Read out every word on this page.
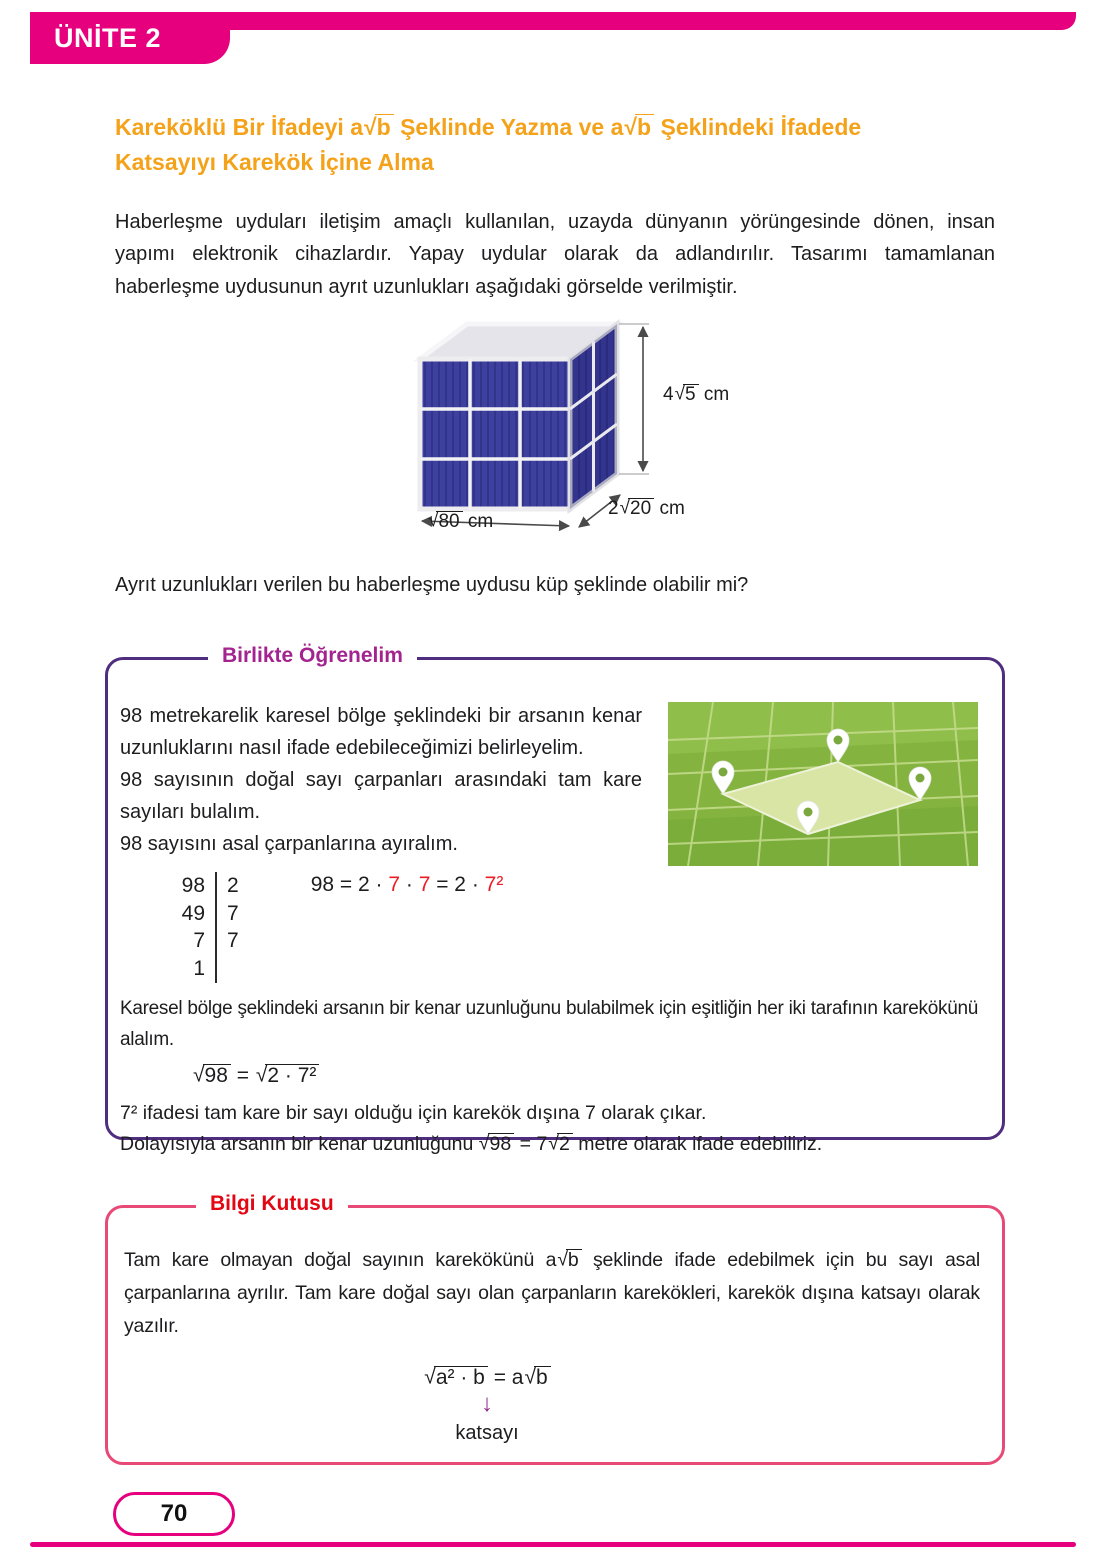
ÜNİTE 2
Kareköklü Bir İfadeyi a √ b Şeklinde Yazma ve a √ b Şeklindeki İfadede
Katsayıyı Karekök İçine Alma

Haberleşme uyduları iletişim amaçlı kullanılan, uzayda dünyanın yörüngesinde dönen, insan yapımı elektronik cihazlardır. Yapay uydular olarak da adlandırılır. Tasarımı tamamlanan haberleşme uydusunun ayrıt uzunlukları aşağıdaki görselde verilmiştir.

4 √ 5 cm
2 √ 20 cm
√80 cm

Ayrıt uzunlukları verilen bu haberleşme uydusu küp şeklinde olabilir mi?

Birlikte Öğrenelim

98 metrekarelik karesel bölge şeklindeki bir arsanın kenar uzunluklarını nasıl ifade edebileceğimizi belirleyelim.

98 sayısının doğal sayı çarpanları arasındaki tam kare sayıları bulalım.

98 sayısını asal çarpanlarına ayıralım.

98	2
49	7
7	7
1	
98 = 2 · 7 · 7 = 2 · 7²

Karesel bölge şeklindeki arsanın bir kenar uzunluğunu bulabilmek için eşitliğin her iki tarafının karekökünü alalım.

√98 = √ 2 · 7²

7² ifadesi tam kare bir sayı olduğu için karekök dışına 7 olarak çıkar.

Dolayısıyla arsanın bir kenar uzunluğunu √ 98 = 7 √ 2 metre olarak ifade edebiliriz.

Bilgi Kutusu

Tam kare olmayan doğal sayının karekökünü a √ b şeklinde ifade edebilmek için bu sayı asal çarpanlarına ayrılır. Tam kare doğal sayı olan çarpanların karekökleri, karekök dışına katsayı olarak yazılır.

√a² · b = a √ b
↓
katsayı
70
